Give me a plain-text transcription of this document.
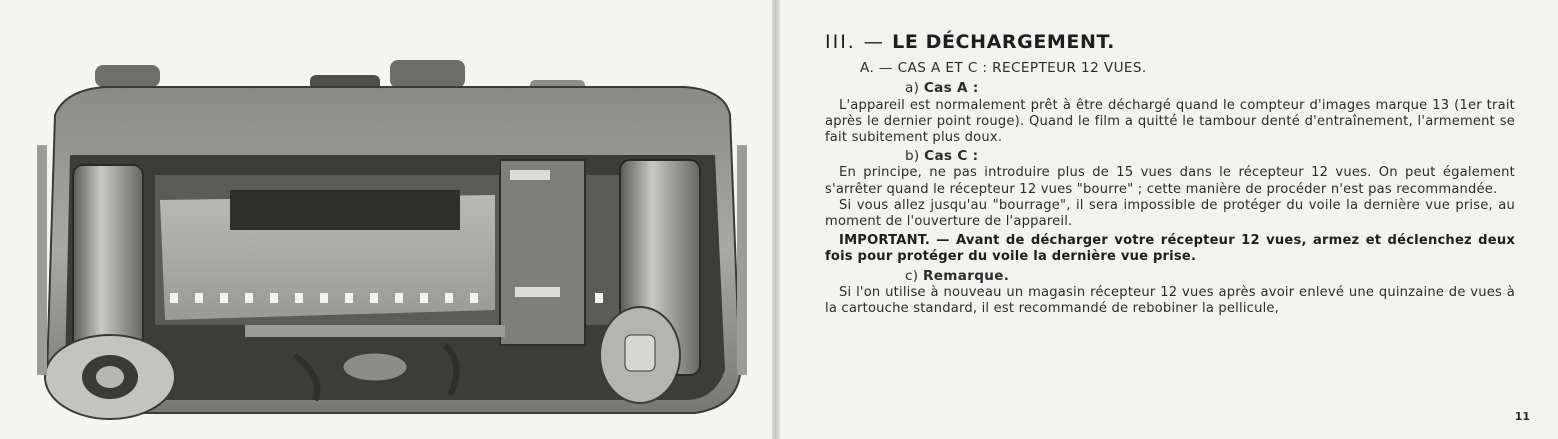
III. — LE DÉCHARGEMENT.
A. — CAS A ET C : RECEPTEUR 12 VUES.
a) Cas A :

L'appareil est normalement prêt à être déchargé quand le compteur d'images marque 13 (1er trait après le dernier point rouge). Quand le film a quitté le tambour denté d'entraînement, l'armement se fait subitement plus doux.

b) Cas C :

En principe, ne pas introduire plus de 15 vues dans le récepteur 12 vues. On peut également s'arrêter quand le récepteur 12 vues "bourre" ; cette manière de procéder n'est pas recommandée.

Si vous allez jusqu'au "bourrage", il sera impossible de protéger du voile la dernière vue prise, au moment de l'ouverture de l'appareil.

IMPORTANT. — Avant de décharger votre récepteur 12 vues, armez et déclenchez deux fois pour protéger du voile la dernière vue prise.

c) Remarque.

Si l'on utilise à nouveau un magasin récepteur 12 vues après avoir enlevé une quinzaine de vues à la cartouche standard, il est recommandé de rebobiner la pellicule,

11
